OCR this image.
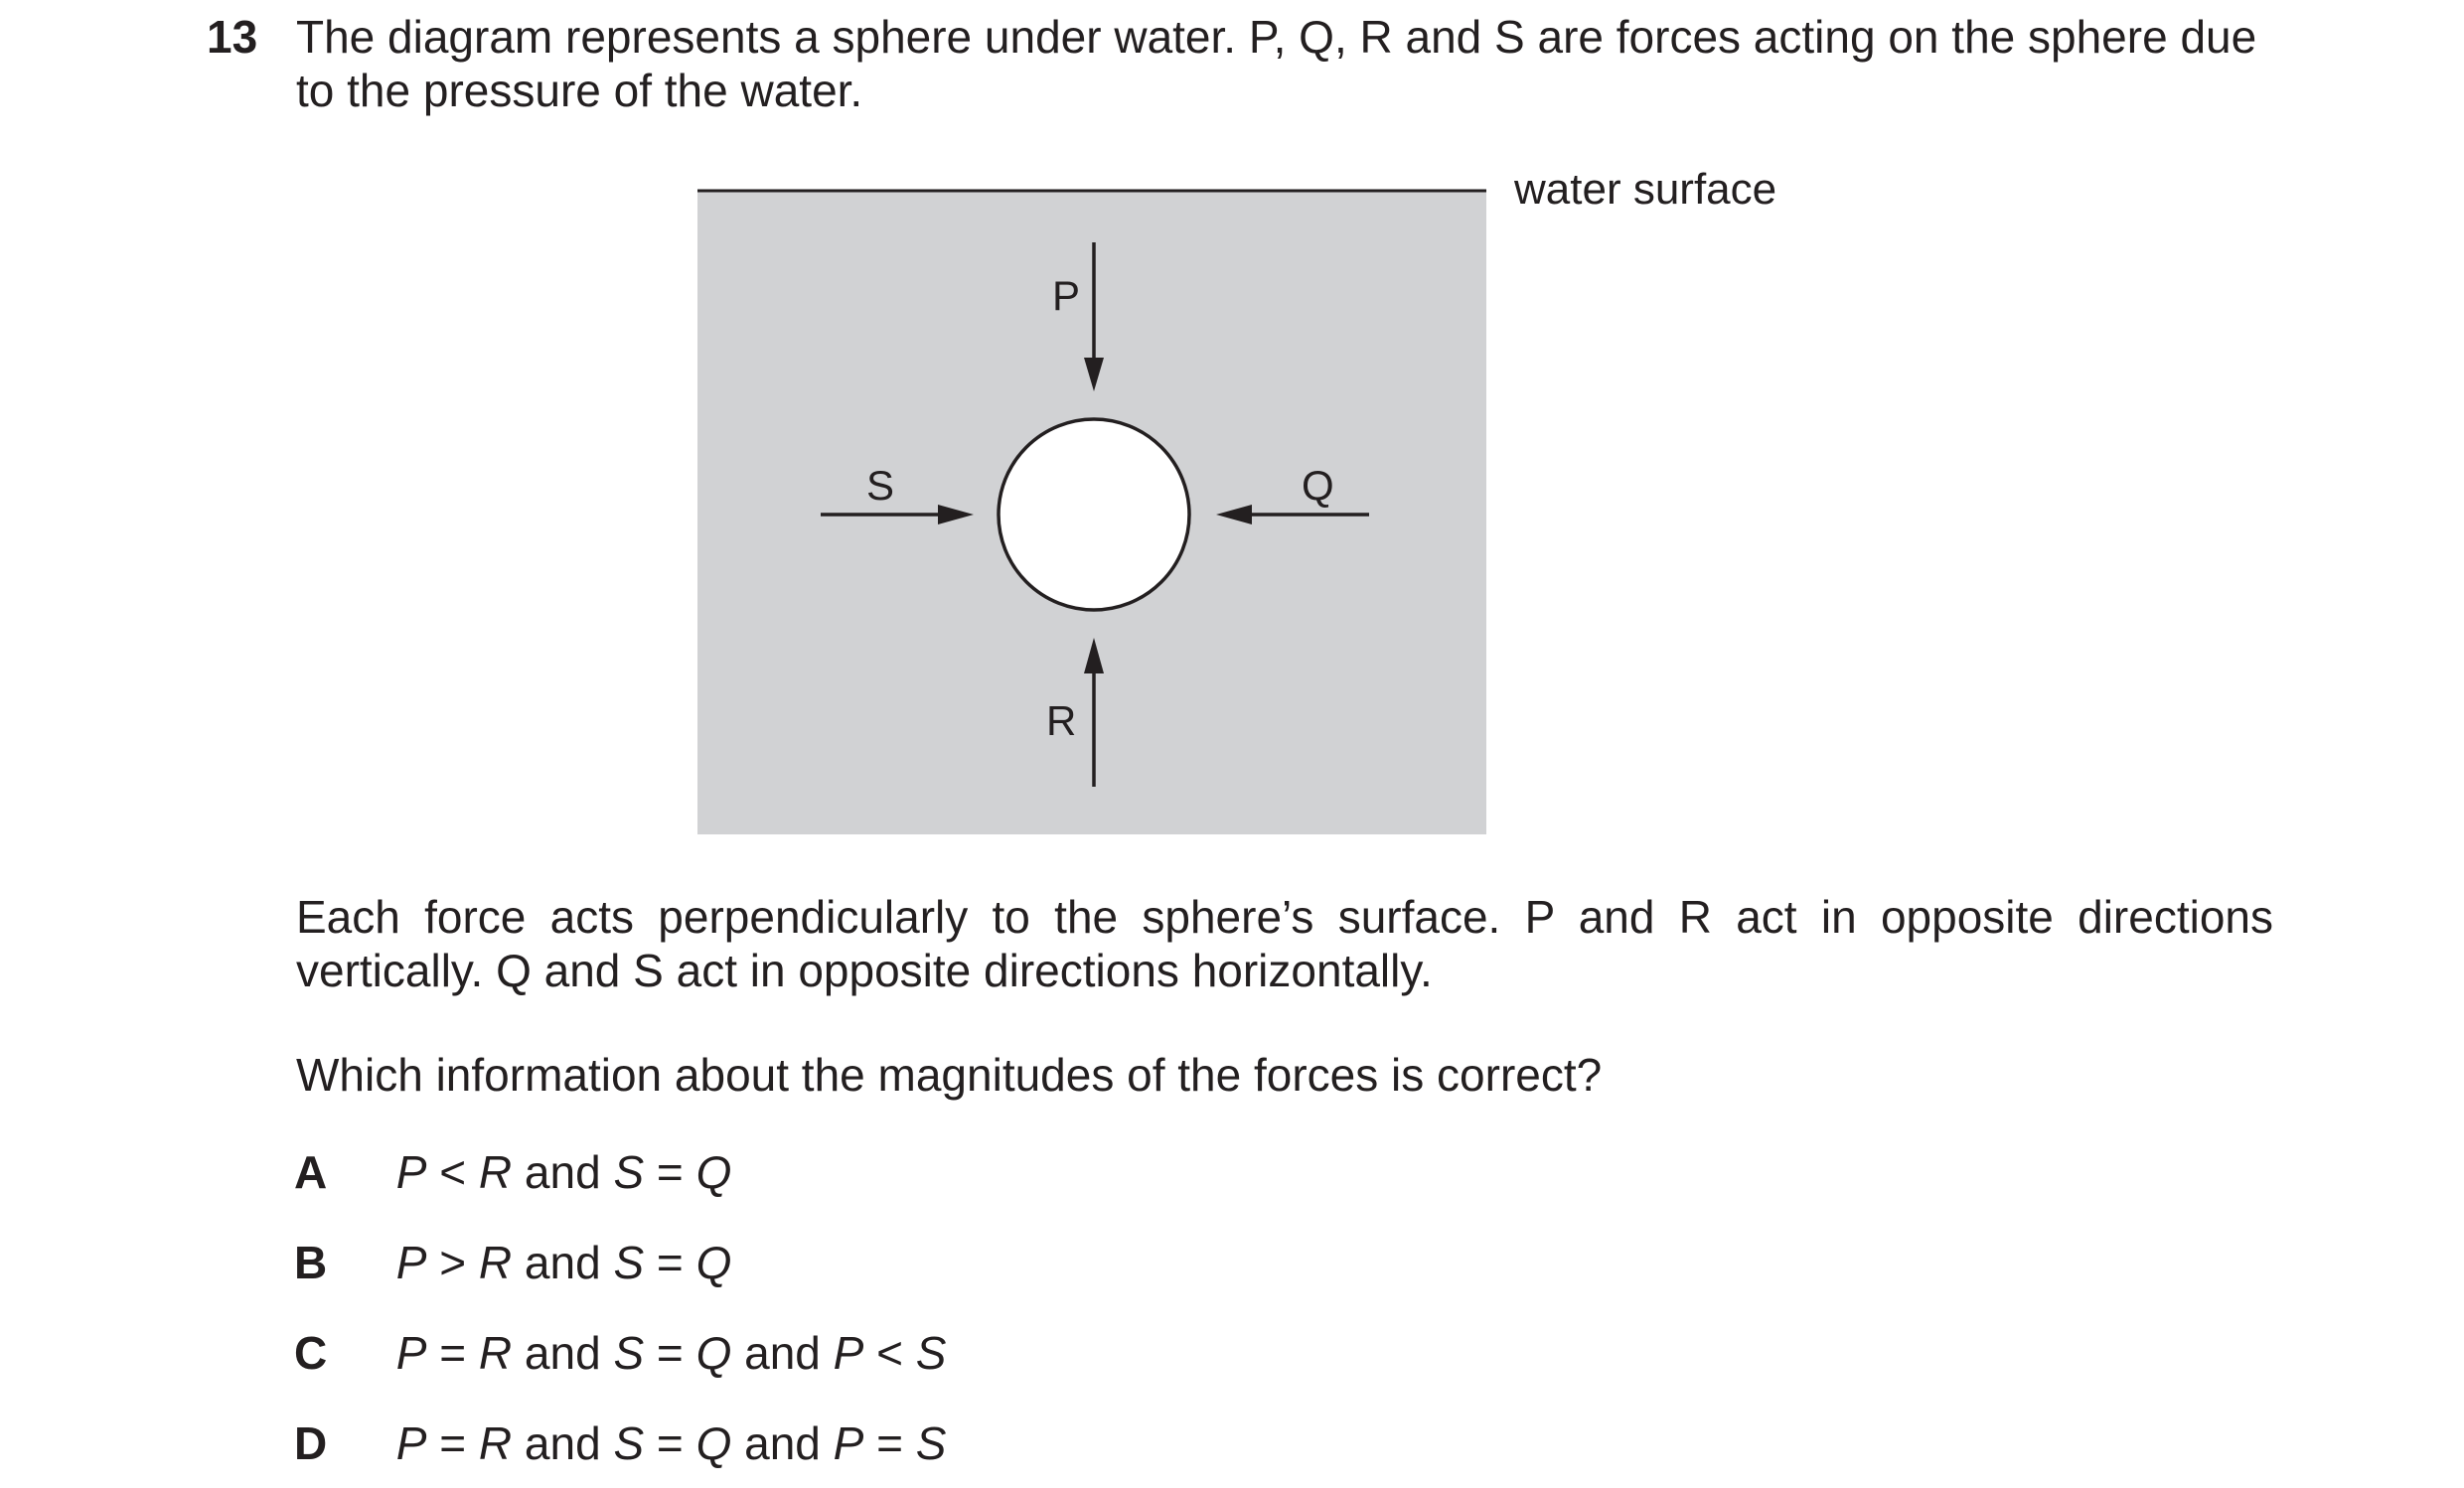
13 The diagram represents a sphere under water. P, Q, R and S are forces acting on the sphere due
to the pressure of the water.
water surface
P
R
S	Q
Each force acts perpendicularly to the sphere’s surface. P and R act in opposite directions
vertically. Q and S act in opposite directions horizontally.
Which information about the magnitudes of the forces is correct?
A P < R and S = Q
B P > R and S = Q
C P = R and S = Q and P < S
D P = R and S = Q and P = S
